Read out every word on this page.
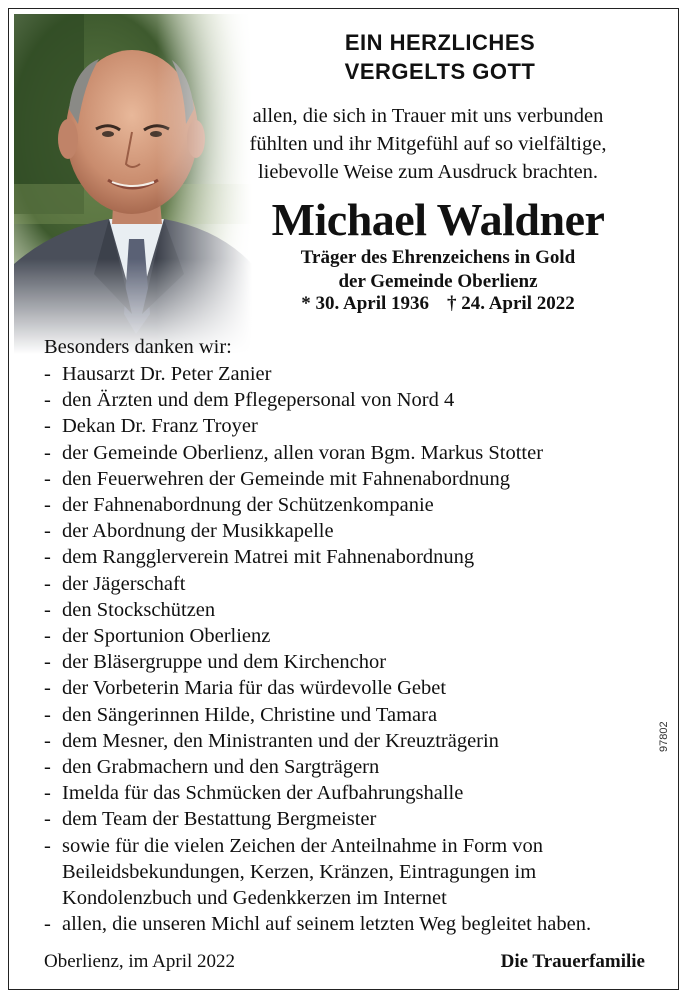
EIN HERZLICHES
VERGELTS GOTT
allen, die sich in Trauer mit uns verbunden
fühlten und ihr Mitgefühl auf so vielfältige,
liebevolle Weise zum Ausdruck brachten.
Michael Waldner
Träger des Ehrenzeichens in Gold
der Gemeinde Oberlienz
* 30. April 1936 † 24. April 2022
Besonders danken wir:
- Hausarzt Dr. Peter Zanier
- den Ärzten und dem Pflegepersonal von Nord 4
- Dekan Dr. Franz Troyer
- der Gemeinde Oberlienz, allen voran Bgm. Markus Stotter
- den Feuerwehren der Gemeinde mit Fahnenabordnung
- der Fahnenabordnung der Schützenkompanie
- der Abordnung der Musikkapelle
- dem Rangglerverein Matrei mit Fahnenabordnung
- der Jägerschaft
- den Stockschützen
- der Sportunion Oberlienz
- der Bläsergruppe und dem Kirchenchor
- der Vorbeterin Maria für das würdevolle Gebet
- den Sängerinnen Hilde, Christine und Tamara
- dem Mesner, den Ministranten und der Kreuzträgerin
- den Grabmachern und den Sargträgern
- Imelda für das Schmücken der Aufbahrungshalle
- dem Team der Bestattung Bergmeister
- sowie für die vielen Zeichen der Anteilnahme in Form von
Beileidsbekundungen, Kerzen, Kränzen, Eintragungen im
Kondolenzbuch und Gedenkkerzen im Internet
- allen, die unseren Michl auf seinem letzten Weg begleitet haben.
97802
Oberlienz, im April 2022	Die Trauerfamilie
